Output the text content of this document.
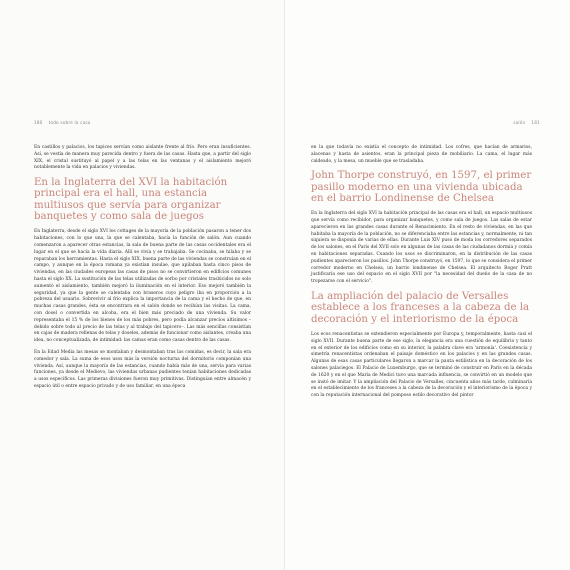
180 todo sobre la casa

En castillos y palacios, los tapices servían como aislante frente al frío. Pero eran insuficientes. Así, se vestía de manera muy parecida dentro y fuera de las casas. Hasta que, a partir del siglo XIX, el cristal sustituyó al papel y a las telas en las ventanas y el aislamiento mejoró notablemente la vida en palacios y viviendas.

En la Inglaterra del XVI la habitación principal era el hall, una estancia multiusos que servía para organizar banquetes y como sala de juegos

En Inglaterra, desde el siglo XVI los cottages de la mayoría de la población pasaron a tener dos habitaciones, con lo que una, la que se calentaba, hacía la función de salón. Aun cuando comenzaron a aparecer otras estancias, la sala de buena parte de las casas occidentales era el lugar en el que se hacía la vida diaria. Allí se vivía y se trabajaba. Se cocinaba, se hilaba y se reparaban los herramientas. Hasta el siglo XIX, buena parte de las viviendas se construían en el campo, y aunque en la época romana ya existían insulae, que apilaban hasta cinco pisos de viviendas, en las ciudades europeas las casas de pisos no se convirtieron en edificios comunes hasta el siglo XX. La sustitución de las telas utilizadas de sorbo por cristales traslúcidos no solo aumentó el aislamiento, también mejoró la iluminación en el interior. Eso mejoró también la seguridad, ya que la gente se calentaba con braseros cuyo peligro iba en proporción a la pobreza del usuario. Sobrevivir al frío explica la importancia de la cama y el hecho de que, en muchas casas grandes, ésta se encontrara en el salón donde se recibían las visitas. La cama, con dosel o convertida en alcoba, era el bien más preciado de una vivienda. Su valor representaba el 15 % de los bienes de los más pobres, pero podía alcanzar precios altísimos –debido sobre todo al precio de las telas y al trabajo del tapicero–. Las más sencillas consistían en cajas de madera rellenas de telas y doseles, además de funcionar como aislantes, creaba una idea, no conceptualizada, de intimidad: las camas eran como casas dentro de las casas.

En la Edad Media las mesas se montaban y desmontaban tras las comidas, es decir, la sala era comedor y sala. La suma de esos usos más la versión nocturna del dormitorio componían una vivienda. Así, aunque la mayoría de las estancias, cuando había más de una, servía para varias funciones, ya desde el Medievo, las viviendas urbanas pudientes tenían habitaciones dedicadas a usos específicos. Las primeras divisiones fueron muy primitivas. Distinguían entre almacén y espacio útil o entre espacio privado y de uso familiar, en una época

salón 181

en la que todavía no existía el concepto de intimidad. Los cofres, que hacían de armarios, alacenas y hasta de asientos, eran la principal pieza de mobiliario. La cama, el lugar más caldeado, y la mesa, un mueble que se trasladaba.

John Thorpe construyó, en 1597, el primer pasillo moderno en una vivienda ubicada en el barrio Londinense de Chelsea

En la Inglaterra del siglo XVI la habitación principal de las casas era el hall, un espacio multiusos que servía como recibidor, para organizar banquetes, y como sala de juegos. Las salas de estar aparecieron en las grandes casas durante el Renacimiento. En el resto de viviendas, en las que habitaba la mayoría de la población, no se diferenciaba entre las estancias y, normalmente, ni tan siquiera se disponía de varias de ellas. Durante Luis XIV puso de moda los corredores separados de los salones, en el París del XVII solo en algunas de las casas de las ciudadanos dormía y comía en habitaciones separadas. Cuando los usos se discriminaron, en la distribución de las casas pudientes aparecieron los pasillos. John Thorpe construyó, en 1597, lo que se considera el primer corredor moderno en Chelsea, un barrio londinense de Chelsea. El arquitecto Roger Pratt justificaría ese uso del espacio en el siglo XVII por "la necesidad del dueño de la casa de no tropezarse con el servicio".

La ampliación del palacio de Versalles establece a los franceses a la cabeza de la decoración y el interiorismo de la época

Los ecos renacentistas se extendieron especialmente por Europa y, temporalmente, hasta casi el siglo XVII. Durante buena parte de ese siglo, la elegancia era una cuestión de equilibrio y tanto en el exterior de los edificios como en su interior, la palabra clave era 'armonía'. Coexistencia y simetría renacentistas ordenaban el paisaje doméstico en los palacios y en las grandes casas. Algunas de esas casas particulares llegaron a marcar la pauta estilística en la decoración de los salones palaciegos. El Palacio de Luxemburgo, que se terminó de construir en París en la década de 1620 y en el que María de Medici tuvo una marcada influencia, se convirtió en un modelo que se instó de imitar. Y la ampliación del Palacio de Versalles, cincuenta años más tarde, culminaría en el establecimiento de los franceses a la cabeza de la decoración y el interiorismo de la época y con la reputación internacional del pomposo estilo decorativo del pintor
